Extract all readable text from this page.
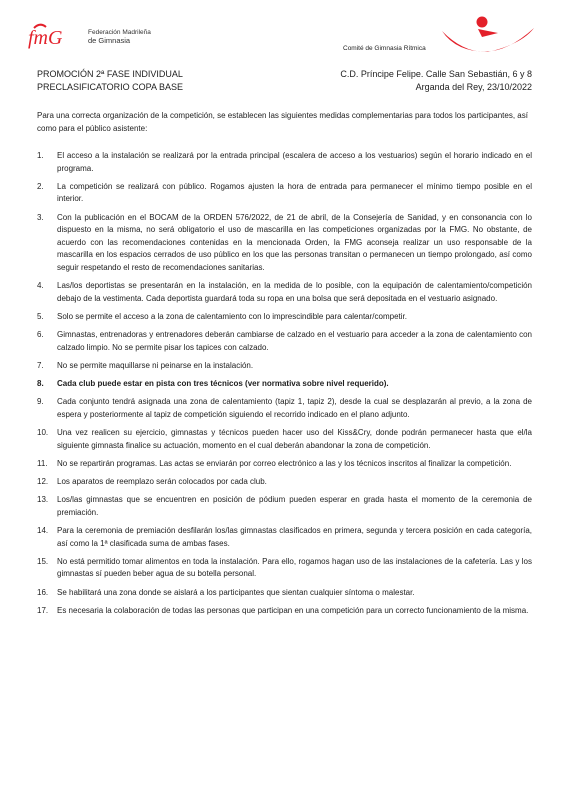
fmG	Federación Madrileña
de Gimnasia
Comité de Gimnasia Rítmica
PROMOCIÓN 2ª FASE INDIVIDUAL
PRECLASIFICATORIO COPA BASE
C.D. Príncipe Felipe. Calle San Sebastián, 6 y 8
Arganda del Rey, 23/10/2022

Para una correcta organización de la competición, se establecen las siguientes medidas complementarias para todos los participantes, así como para el público asistente:

1. El acceso a la instalación se realizará por la entrada principal (escalera de acceso a los vestuarios) según el horario indicado en el programa.
2. La competición se realizará con público. Rogamos ajusten la hora de entrada para permanecer el mínimo tiempo posible en el interior.
3. Con la publicación en el BOCAM de la ORDEN 576/2022, de 21 de abril, de la Consejería de Sanidad, y en consonancia con lo dispuesto en la misma, no será obligatorio el uso de mascarilla en las competiciones organizadas por la FMG. No obstante, de acuerdo con las recomendaciones contenidas en la mencionada Orden, la FMG aconseja realizar un uso responsable de la mascarilla en los espacios cerrados de uso público en los que las personas transitan o permanecen un tiempo prolongado, así como seguir respetando el resto de recomendaciones sanitarias.
4. Las/los deportistas se presentarán en la instalación, en la medida de lo posible, con la equipación de calentamiento/competición debajo de la vestimenta. Cada deportista guardará toda su ropa en una bolsa que será depositada en el vestuario asignado.
5. Solo se permite el acceso a la zona de calentamiento con lo imprescindible para calentar/competir.
6. Gimnastas, entrenadoras y entrenadores deberán cambiarse de calzado en el vestuario para acceder a la zona de calentamiento con calzado limpio. No se permite pisar los tapices con calzado.
7. No se permite maquillarse ni peinarse en la instalación.
8. Cada club puede estar en pista con tres técnicos (ver normativa sobre nivel requerido).
9. Cada conjunto tendrá asignada una zona de calentamiento (tapiz 1, tapiz 2), desde la cual se desplazarán al previo, a la zona de espera y posteriormente al tapiz de competición siguiendo el recorrido indicado en el plano adjunto.
10. Una vez realicen su ejercicio, gimnastas y técnicos pueden hacer uso del Kiss&Cry, donde podrán permanecer hasta que el/la siguiente gimnasta finalice su actuación, momento en el cual deberán abandonar la zona de competición.
11. No se repartirán programas. Las actas se enviarán por correo electrónico a las y los técnicos inscritos al finalizar la competición.
12. Los aparatos de reemplazo serán colocados por cada club.
13. Los/las gimnastas que se encuentren en posición de pódium pueden esperar en grada hasta el momento de la ceremonia de premiación.
14. Para la ceremonia de premiación desfilarán los/las gimnastas clasificados en primera, segunda y tercera posición en cada categoría, así como la 1ª clasificada suma de ambas fases.
15. No está permitido tomar alimentos en toda la instalación. Para ello, rogamos hagan uso de las instalaciones de la cafetería. Las y los gimnastas sí pueden beber agua de su botella personal.
16. Se habilitará una zona donde se aislará a los participantes que sientan cualquier síntoma o malestar.
17. Es necesaria la colaboración de todas las personas que participan en una competición para un correcto funcionamiento de la misma.
